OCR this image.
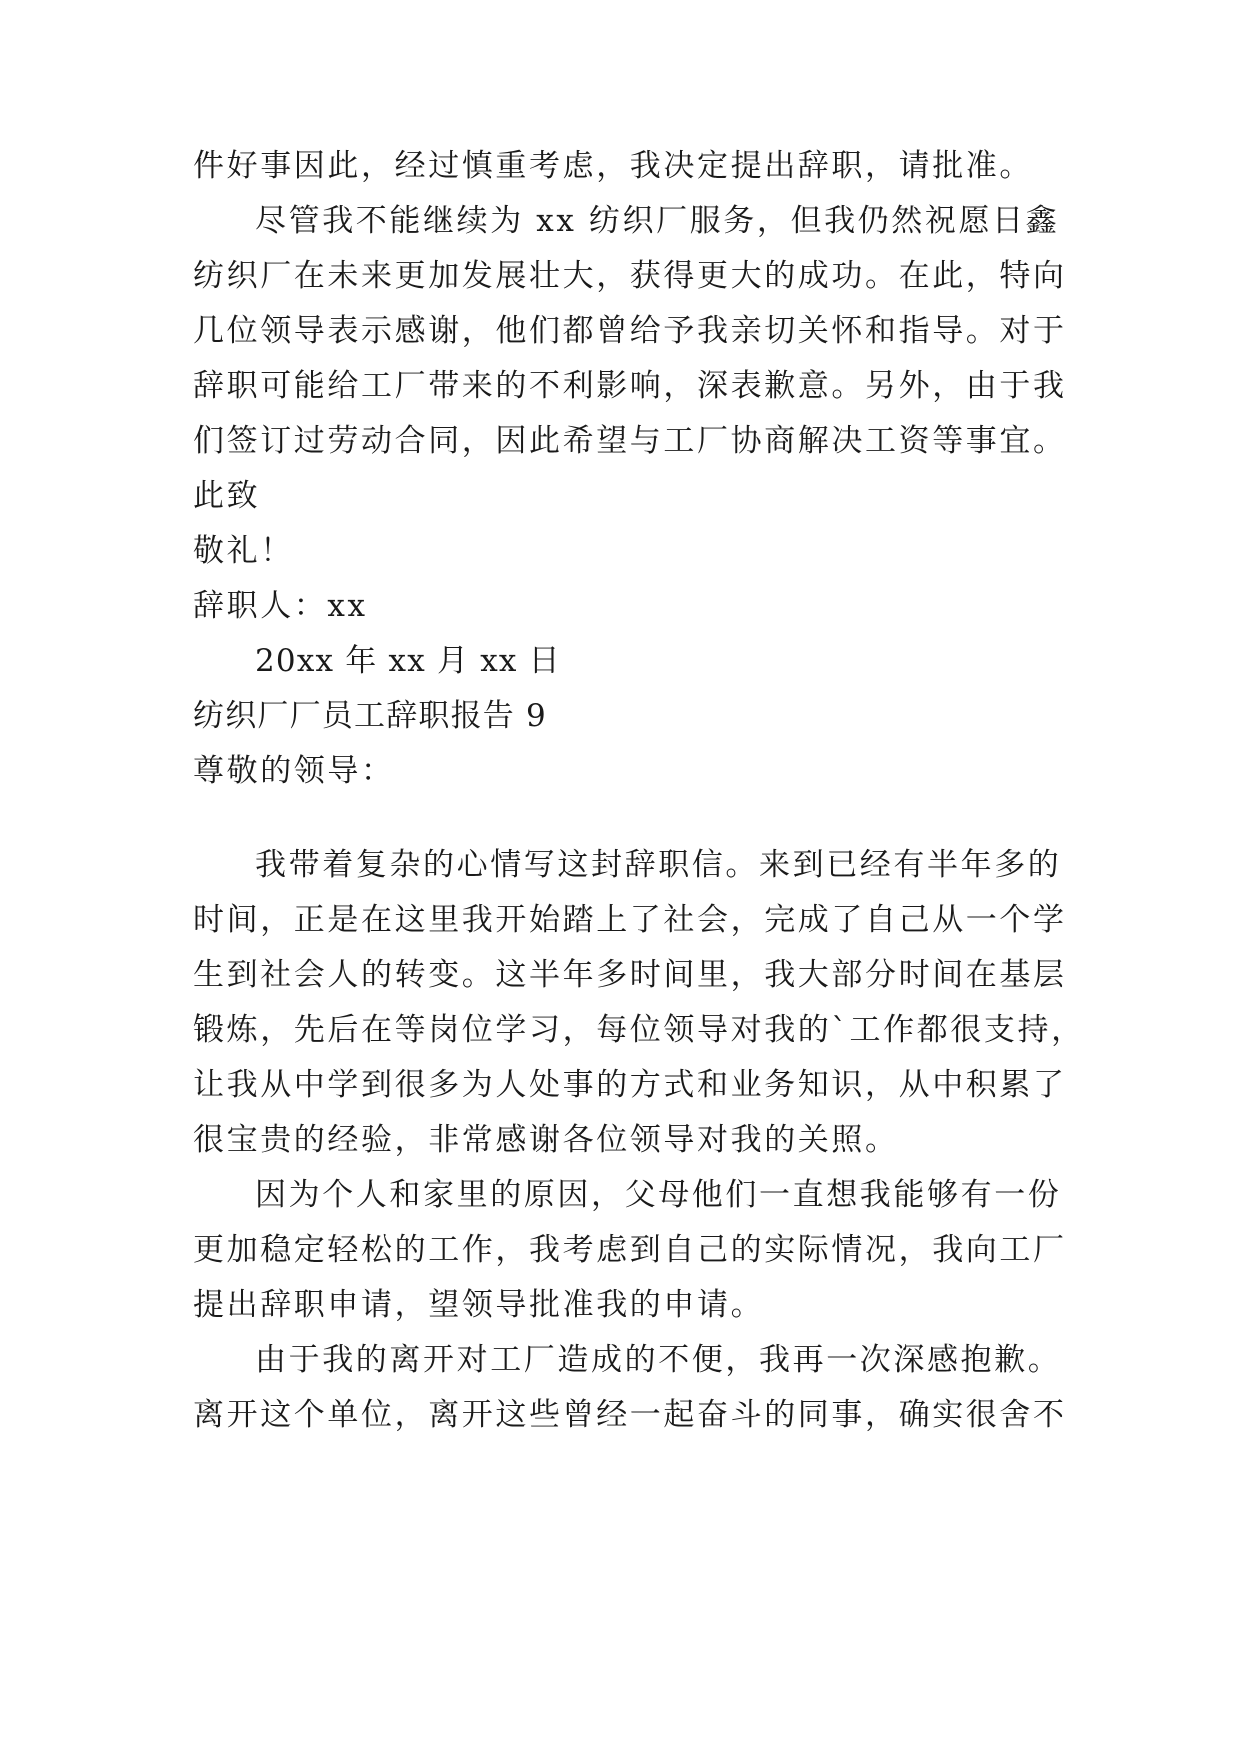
件好事因此，经过慎重考虑，我决定提出辞职，请批准。

尽管我不能继续为 xx 纺织厂服务，但我仍然祝愿日鑫

纺织厂在未来更加发展壮大，获得更大的成功。在此，特向

几位领导表示感谢，他们都曾给予我亲切关怀和指导。对于

辞职可能给工厂带来的不利影响，深表歉意。另外，由于我

们签订过劳动合同，因此希望与工厂协商解决工资等事宜。

此致

敬礼！

辞职人：xx

20xx 年 xx 月 xx 日

纺织厂厂员工辞职报告 9

尊敬的领导：

我带着复杂的心情写这封辞职信。来到已经有半年多的

时间，正是在这里我开始踏上了社会，完成了自己从一个学

生到社会人的转变。这半年多时间里，我大部分时间在基层

锻炼，先后在等岗位学习，每位领导对我的`工作都很支持，

让我从中学到很多为人处事的方式和业务知识，从中积累了

很宝贵的经验，非常感谢各位领导对我的关照。

因为个人和家里的原因，父母他们一直想我能够有一份

更加稳定轻松的工作，我考虑到自己的实际情况，我向工厂

提出辞职申请，望领导批准我的申请。

由于我的离开对工厂造成的不便，我再一次深感抱歉。

离开这个单位，离开这些曾经一起奋斗的同事，确实很舍不
